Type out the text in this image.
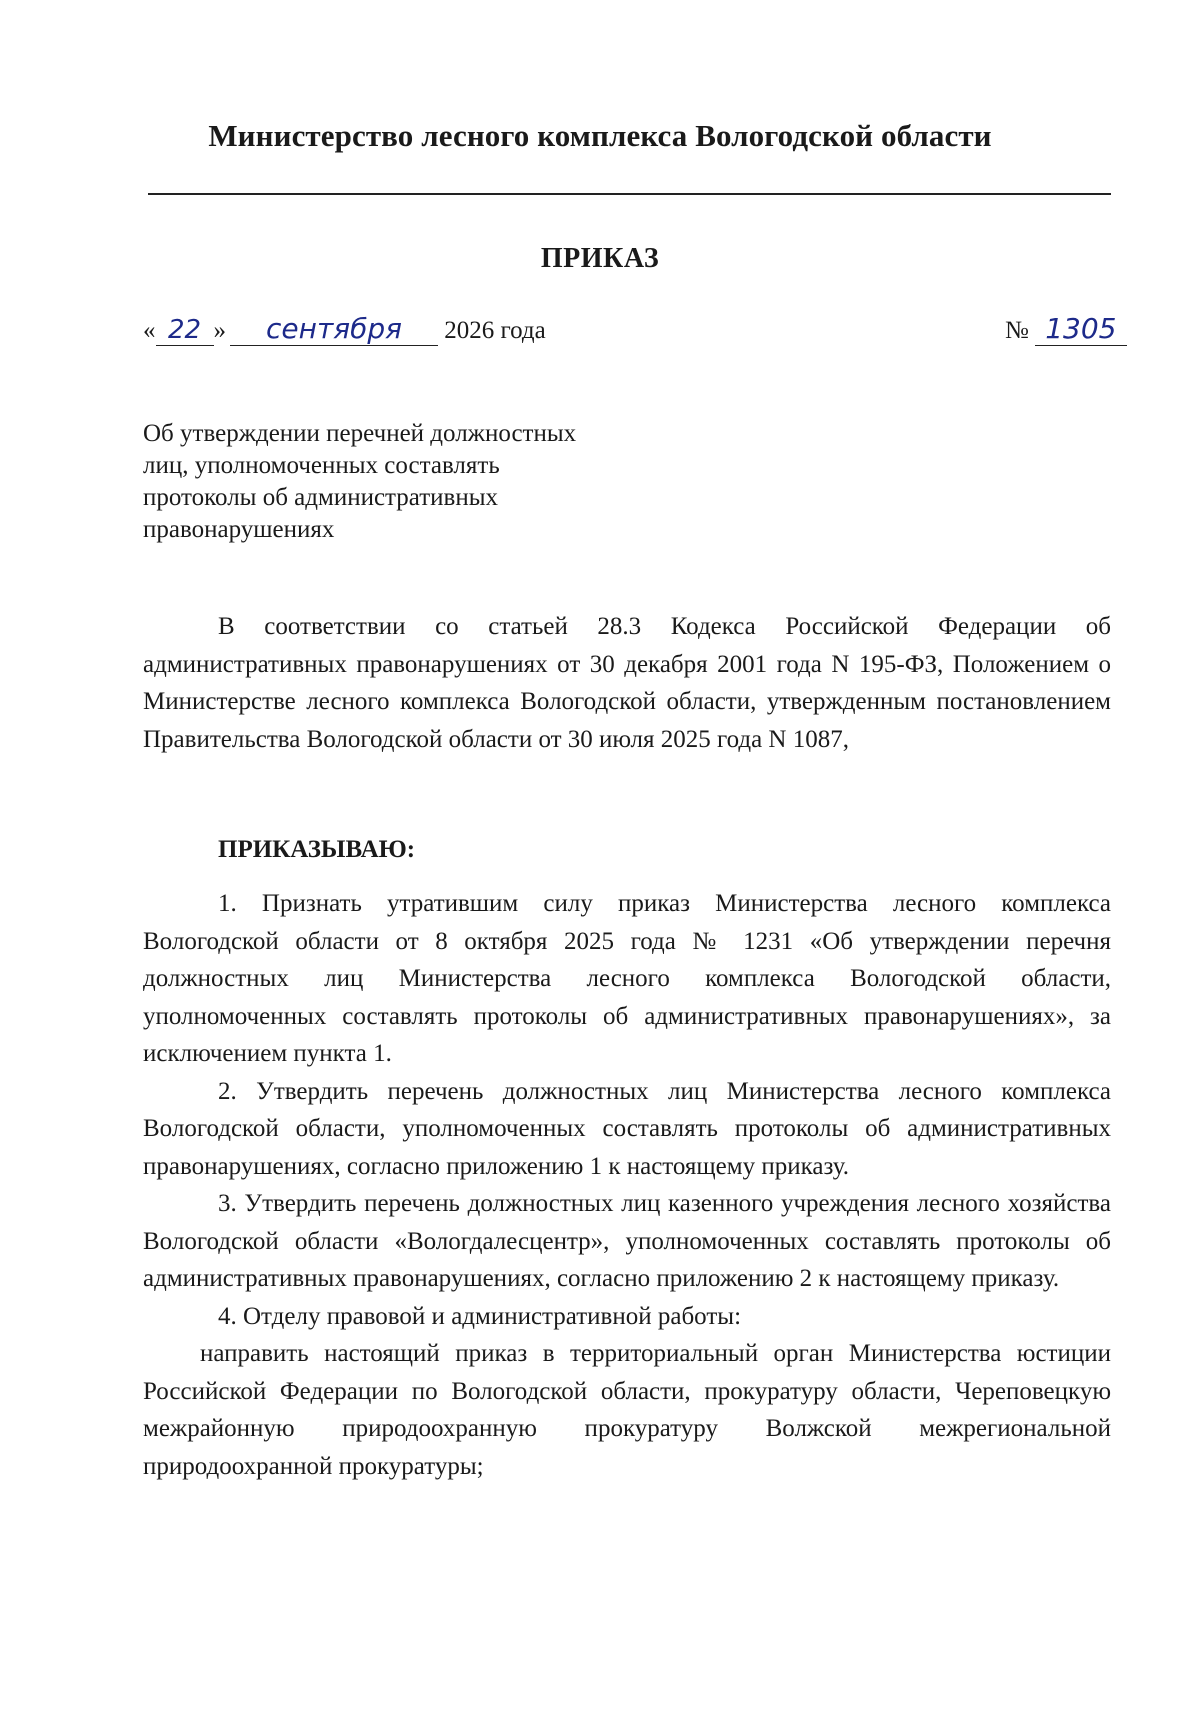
Министерство лесного комплекса Вологодской области
ПРИКАЗ
« 22 » сентября 2026 года	№ 1305
Об утверждении перечней должностных
лиц, уполномоченных составлять
протоколы об административных
правонарушениях
В соответствии со статьей 28.3 Кодекса Российской Федерации об административных правонарушениях от 30 декабря 2001 года N 195-ФЗ, Положением о Министерстве лесного комплекса Вологодской области, утвержденным постановлением Правительства Вологодской области от 30 июля 2025 года N 1087,
ПРИКАЗЫВАЮ:

1. Признать утратившим силу приказ Министерства лесного комплекса Вологодской области от 8 октября 2025 года № 1231 «Об утверждении перечня должностных лиц Министерства лесного комплекса Вологодской области, уполномоченных составлять протоколы об административных правонарушениях», за исключением пункта 1.

2. Утвердить перечень должностных лиц Министерства лесного комплекса Вологодской области, уполномоченных составлять протоколы об административных правонарушениях, согласно приложению 1 к настоящему приказу.

3. Утвердить перечень должностных лиц казенного учреждения лесного хозяйства Вологодской области «Вологдалесцентр», уполномоченных составлять протоколы об административных правонарушениях, согласно приложению 2 к настоящему приказу.

4. Отделу правовой и административной работы:

направить настоящий приказ в территориальный орган Министерства юстиции Российской Федерации по Вологодской области, прокуратуру области, Череповецкую межрайонную природоохранную прокуратуру Волжской межрегиональной природоохранной прокуратуры;
